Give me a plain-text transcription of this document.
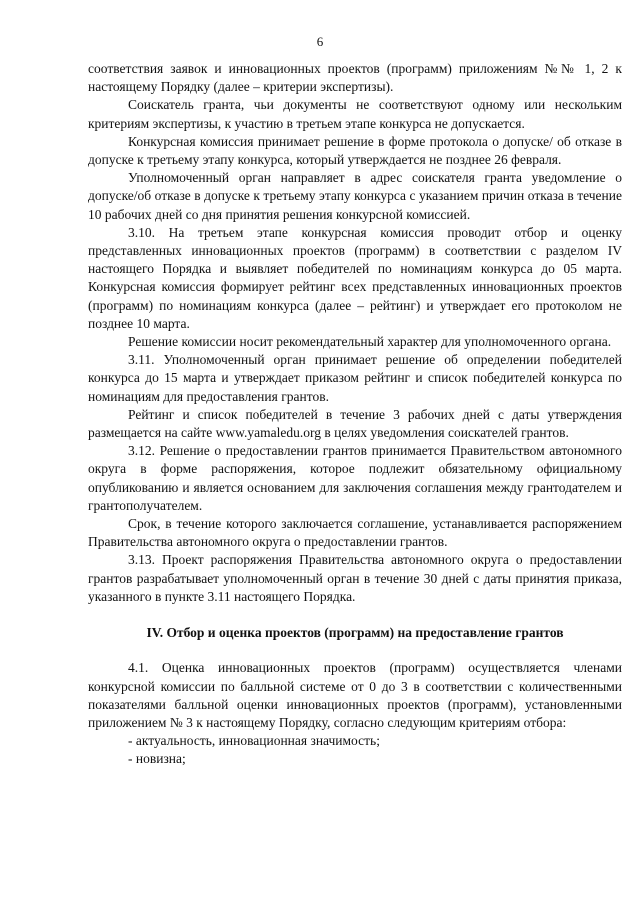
6

соответствия заявок и инновационных проектов (программ) приложениям №№ 1, 2 к настоящему Порядку (далее – критерии экспертизы).

Соискатель гранта, чьи документы не соответствуют одному или нескольким критериям экспертизы, к участию в третьем этапе конкурса не допускается.

Конкурсная комиссия принимает решение в форме протокола о допуске/ об отказе в допуске к третьему этапу конкурса, который утверждается не позднее 26 февраля.

Уполномоченный орган направляет в адрес соискателя гранта уведомление о допуске/об отказе в допуске к третьему этапу конкурса с указанием причин отказа в течение 10 рабочих дней со дня принятия решения конкурсной комиссией.

3.10. На третьем этапе конкурсная комиссия проводит отбор и оценку представленных инновационных проектов (программ) в соответствии с разделом IV настоящего Порядка и выявляет победителей по номинациям конкурса до 05 марта. Конкурсная комиссия формирует рейтинг всех представленных инновационных проектов (программ) по номинациям конкурса (далее – рейтинг) и утверждает его протоколом не позднее 10 марта.

Решение комиссии носит рекомендательный характер для уполномоченного органа.

3.11. Уполномоченный орган принимает решение об определении победителей конкурса до 15 марта и утверждает приказом рейтинг и список победителей конкурса по номинациям для предоставления грантов.

Рейтинг и список победителей в течение 3 рабочих дней с даты утверждения размещается на сайте www.yamaledu.org в целях уведомления соискателей грантов.

3.12. Решение о предоставлении грантов принимается Правительством автономного округа в форме распоряжения, которое подлежит обязательному официальному опубликованию и является основанием для заключения соглашения между грантодателем и грантополучателем.

Срок, в течение которого заключается соглашение, устанавливается распоряжением Правительства автономного округа о предоставлении грантов.

3.13. Проект распоряжения Правительства автономного округа о предоставлении грантов разрабатывает уполномоченный орган в течение 30 дней с даты принятия приказа, указанного в пункте 3.11 настоящего Порядка.

IV. Отбор и оценка проектов (программ) на предоставление грантов

4.1. Оценка инновационных проектов (программ) осуществляется членами конкурсной комиссии по балльной системе от 0 до 3 в соответствии с количественными показателями балльной оценки инновационных проектов (программ), установленными приложением № 3 к настоящему Порядку, согласно следующим критериям отбора:

- актуальность, инновационная значимость;

- новизна;
